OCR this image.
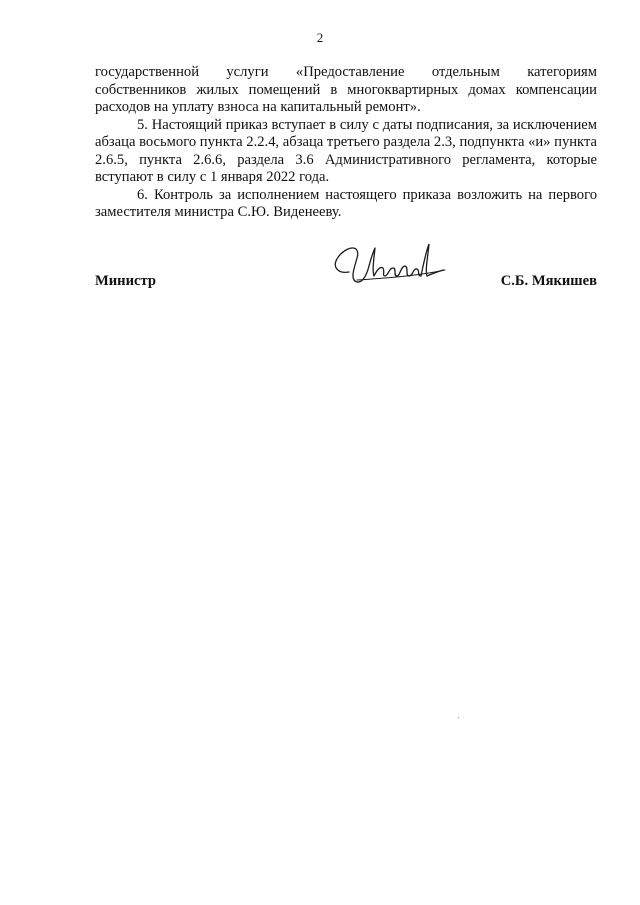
2

государственной услуги «Предоставление отдельным категориям собственников жилых помещений в многоквартирных домах компенсации расходов на уплату взноса на капитальный ремонт».

5. Настоящий приказ вступает в силу с даты подписания, за исключением абзаца восьмого пункта 2.2.4, абзаца третьего раздела 2.3, подпункта «и» пункта 2.6.5, пункта 2.6.6, раздела 3.6 Административного регламента, которые вступают в силу с 1 января 2022 года.

6. Контроль за исполнением настоящего приказа возложить на первого заместителя министра С.Ю. Виденееву.

Министр	С.Б. Мякишев
